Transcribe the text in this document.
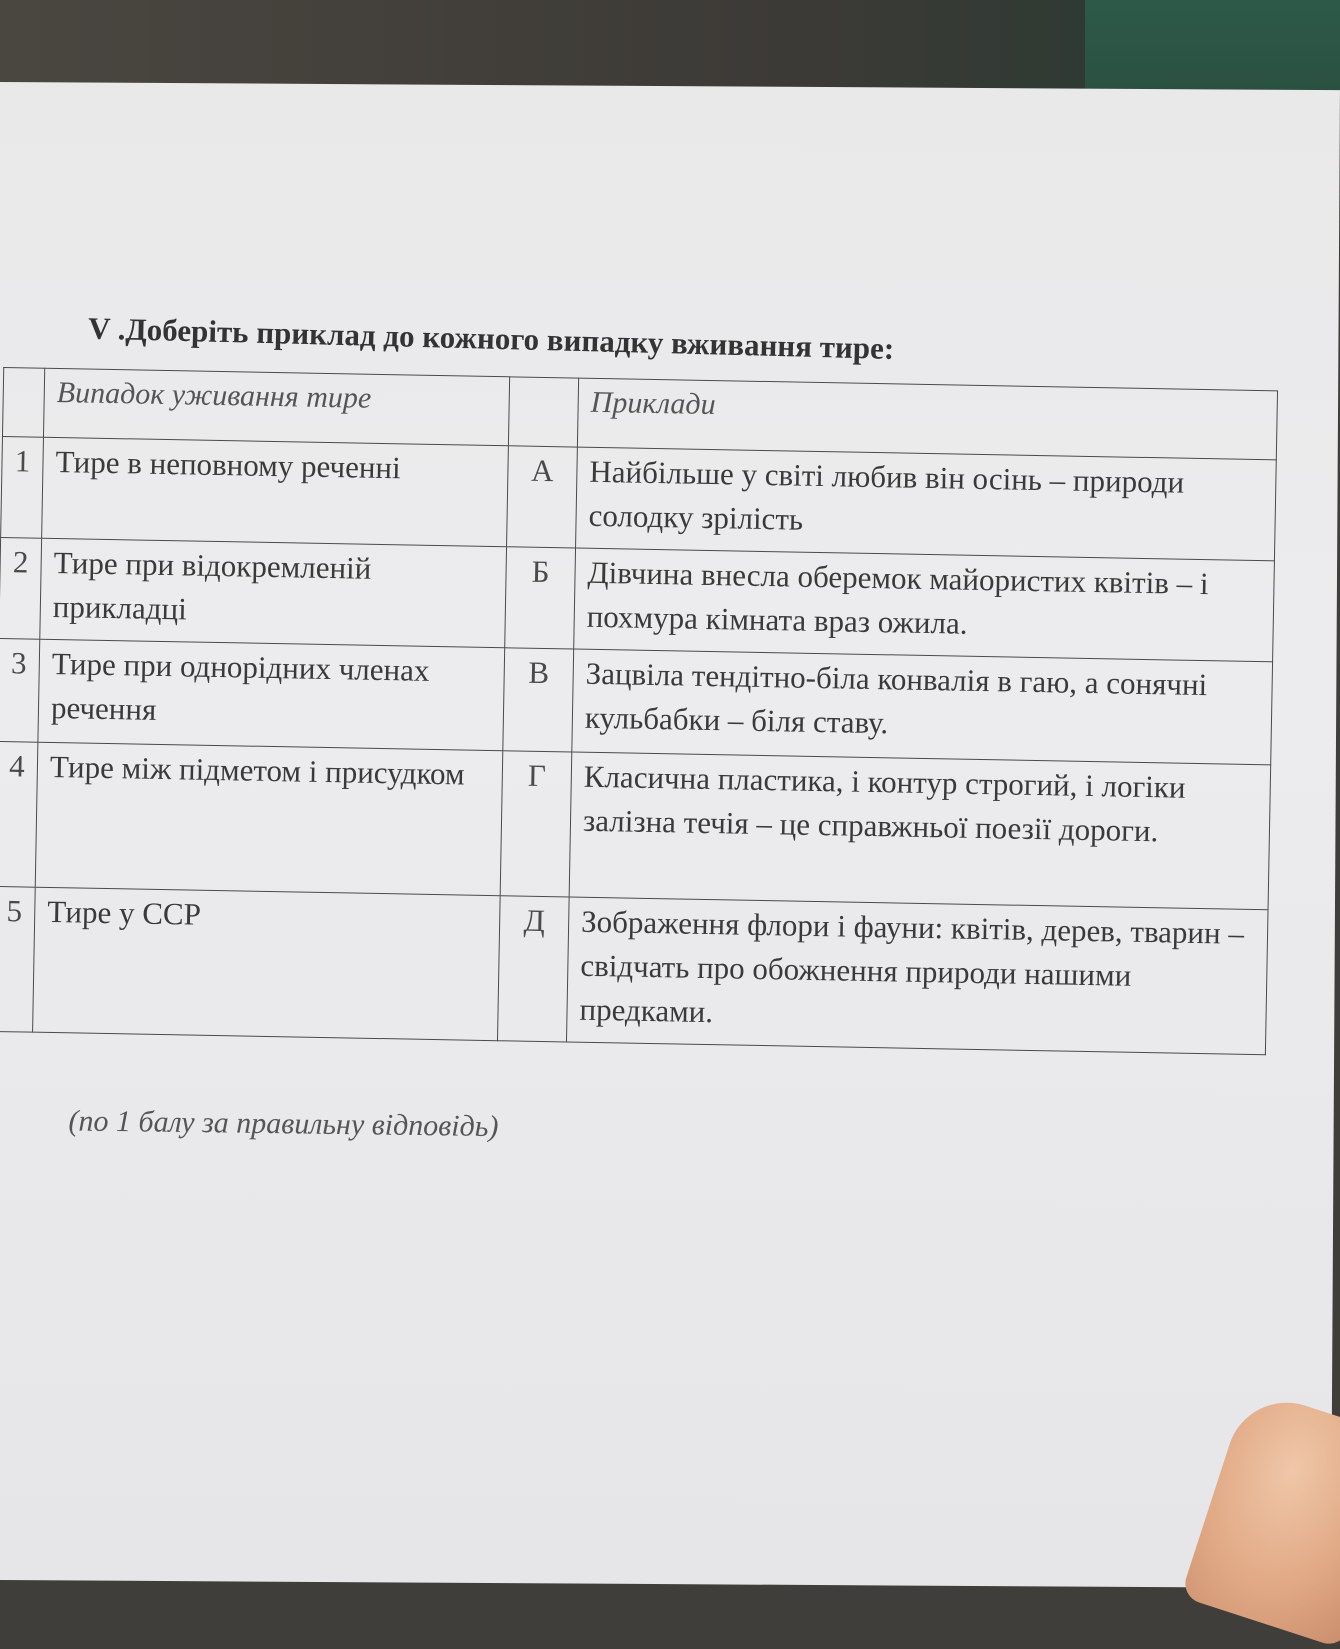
V .Доберіть приклад до кожного випадку вживання тире:
	Випадок уживання тире		Приклади
1	Тире в неповному реченні	А	Найбільше у світі любив він осінь – природи солодку зрілість
2	Тире при відокремленій прикладці	Б	Дівчина внесла оберемок майористих квітів – і похмура кімната враз ожила.
3	Тире при однорідних членах речення	В	Зацвіла тендітно-біла конвалія в гаю, а сонячні кульбабки – біля ставу.
4	Тире між підметом і присудком	Г	Класична пластика, і контур строгий, і логіки залізна течія – це справжньої поезії дороги.
5	Тире у ССР	Д	Зображення флори і фауни: квітів, дерев, тварин – свідчать про обожнення природи нашими предками.
(по 1 балу за правильну відповідь)
